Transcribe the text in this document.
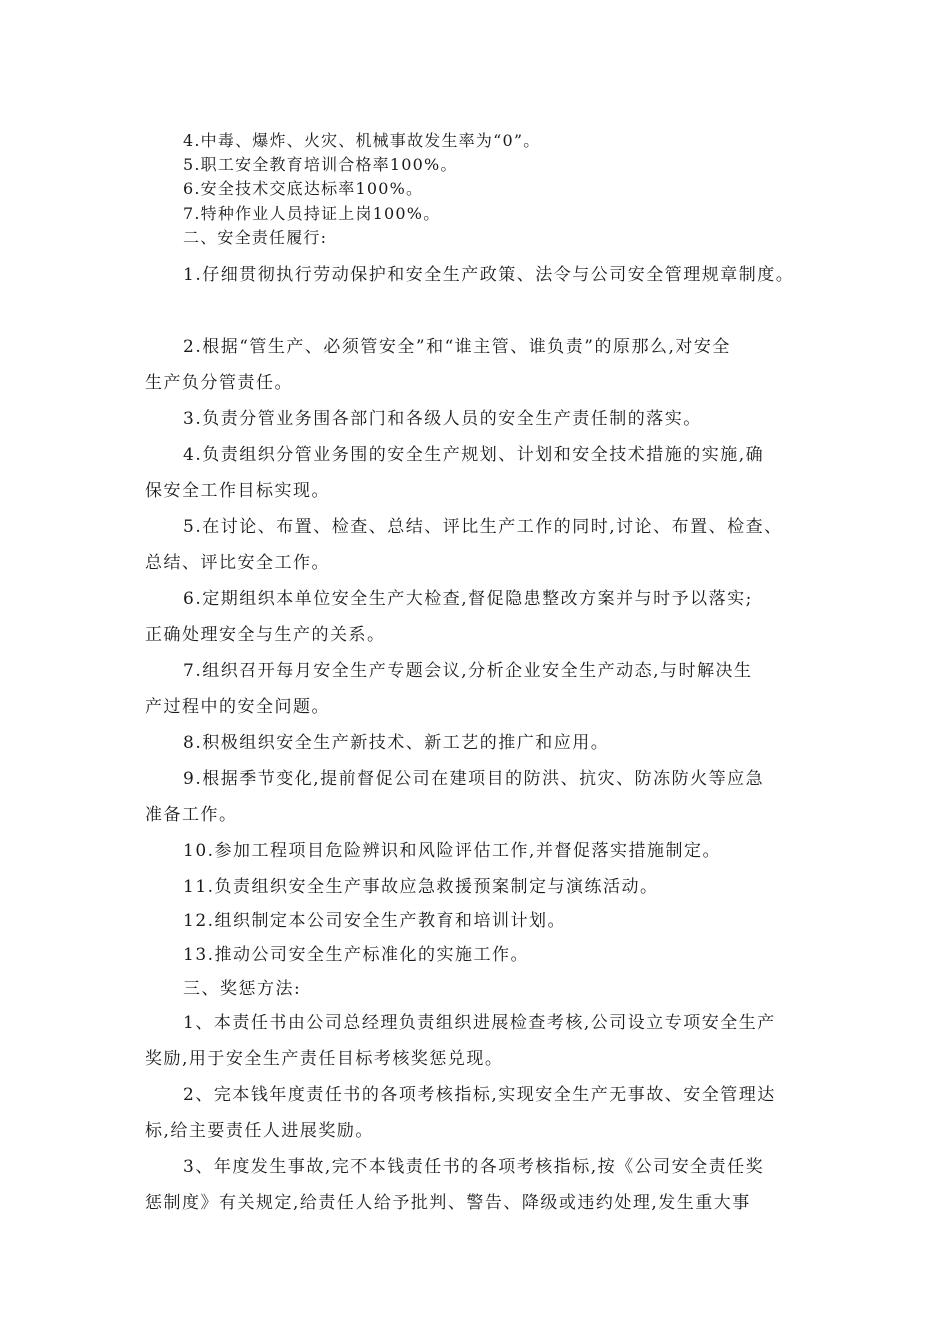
4.中毒、爆炸、火灾、机械事故发生率为“0”。
5.职工安全教育培训合格率100%。
6.安全技术交底达标率100%。
7.特种作业人员持证上岗100%。
二、安全责任履行:
1.仔细贯彻执行劳动保护和安全生产政策、法令与公司安全管理规章制度。
2.根据“管生产、必须管安全”和“谁主管、谁负责”的原那么,对安全
生产负分管责任。
3.负责分管业务围各部门和各级人员的安全生产责任制的落实。
4.负责组织分管业务围的安全生产规划、计划和安全技术措施的实施,确
保安全工作目标实现。
5.在讨论、布置、检查、总结、评比生产工作的同时,讨论、布置、检查、
总结、评比安全工作。
6.定期组织本单位安全生产大检查,督促隐患整改方案并与时予以落实;
正确处理安全与生产的关系。
7.组织召开每月安全生产专题会议,分析企业安全生产动态,与时解决生
产过程中的安全问题。
8.积极组织安全生产新技术、新工艺的推广和应用。
9.根据季节变化,提前督促公司在建项目的防洪、抗灾、防冻防火等应急
准备工作。
10.参加工程项目危险辨识和风险评估工作,并督促落实措施制定。
11.负责组织安全生产事故应急救援预案制定与演练活动。
12.组织制定本公司安全生产教育和培训计划。
13.推动公司安全生产标准化的实施工作。
三、奖惩方法:
1、本责任书由公司总经理负责组织进展检查考核,公司设立专项安全生产
奖励,用于安全生产责任目标考核奖惩兑现。
2、完本钱年度责任书的各项考核指标,实现安全生产无事故、安全管理达
标,给主要责任人进展奖励。
3、年度发生事故,完不本钱责任书的各项考核指标,按《公司安全责任奖
惩制度》有关规定,给责任人给予批判、警告、降级或违约处理,发生重大事
